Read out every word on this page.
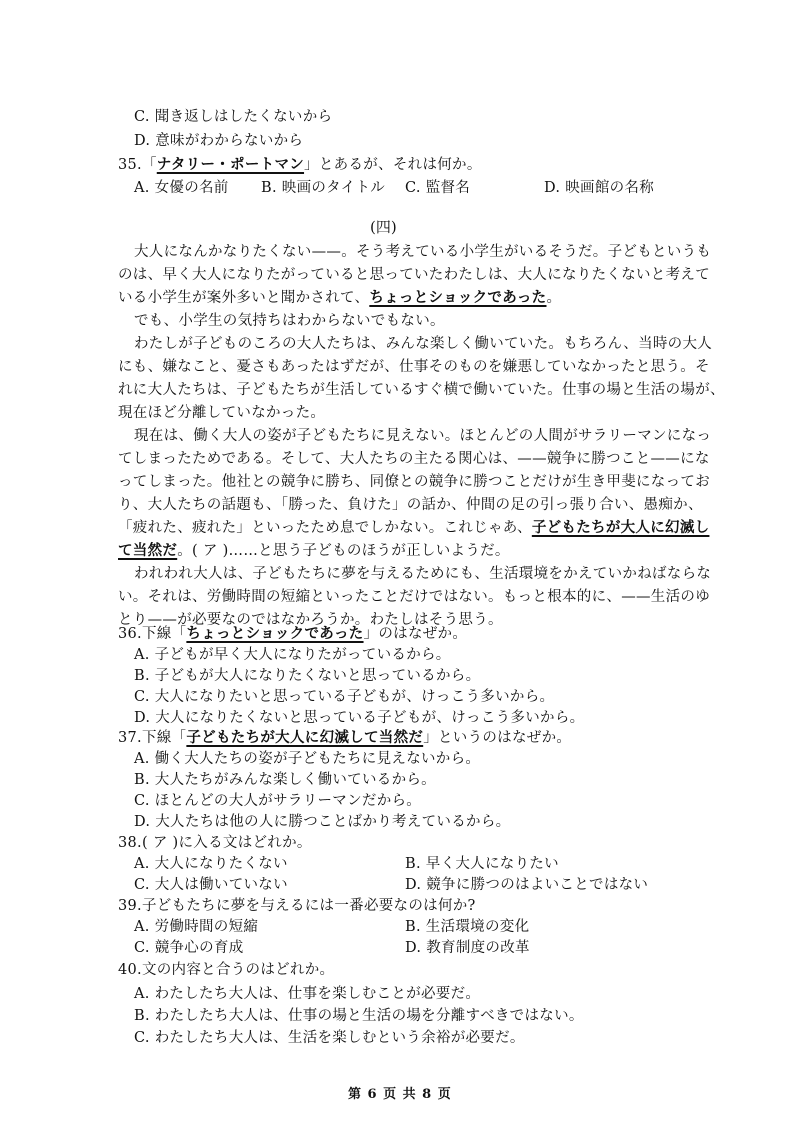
C. 聞き返しはしたくないから
D. 意味がわからないから
35.「ナタリー・ポートマン」とあるが、それは何か。
A. 女優の名前 B. 映画のタイトル C. 監督名	D. 映画館の名称
(四)
大人になんかなりたくない——。そう考えている小学生がいるそうだ。子どもというも
のは、早く大人になりたがっていると思っていたわたしは、大人になりたくないと考えて
いる小学生が案外多いと聞かされて、ちょっとショックであった。
でも、小学生の気持ちはわからないでもない。
わたしが子どものころの大人たちは、みんな楽しく働いていた。もちろん、当時の大人
にも、嫌なこと、憂さもあったはずだが、仕事そのものを嫌悪していなかったと思う。そ
れに大人たちは、子どもたちが生活しているすぐ横で働いていた。仕事の場と生活の場が、
現在ほど分離していなかった。
現在は、働く大人の姿が子どもたちに見えない。ほとんどの人間がサラリーマンになっ
てしまったためである。そして、大人たちの主たる関心は、——競争に勝つこと——にな
ってしまった。他社との競争に勝ち、同僚との競争に勝つことだけが生き甲斐になってお
り、大人たちの話題も、「勝った、負けた」の話か、仲間の足の引っ張り合い、愚痴か、
「疲れた、疲れた」といったため息でしかない。これじゃあ、子どもたちが大人に幻滅し
て当然だ。( ア )……と思う子どものほうが正しいようだ。
われわれ大人は、子どもたちに夢を与えるためにも、生活環境をかえていかねばならな
い。それは、労働時間の短縮といったことだけではない。もっと根本的に、——生活のゆ
とり——が必要なのではなかろうか。わたしはそう思う。
36.下線「ちょっとショックであった」のはなぜか。
A. 子どもが早く大人になりたがっているから。
B. 子どもが大人になりたくないと思っているから。
C. 大人になりたいと思っている子どもが、けっこう多いから。
D. 大人になりたくないと思っている子どもが、けっこう多いから。
37.下線「子どもたちが大人に幻滅して当然だ」というのはなぜか。
A. 働く大人たちの姿が子どもたちに見えないから。
B. 大人たちがみんな楽しく働いているから。
C. ほとんどの大人がサラリーマンだから。
D. 大人たちは他の人に勝つことばかり考えているから。
38.( ア )に入る文はどれか。
A. 大人になりたくない	B. 早く大人になりたい
C. 大人は働いていない	D. 競争に勝つのはよいことではない
39.子どもたちに夢を与えるには一番必要なのは何か?
A. 労働時間の短縮	B. 生活環境の変化
C. 競争心の育成	D. 教育制度の改革
40.文の内容と合うのはどれか。
A. わたしたち大人は、仕事を楽しむことが必要だ。
第 6 页 共 8 页
B. わたしたち大人は、仕事の場と生活の場を分離すべきではない。
C. わたしたち大人は、生活を楽しむという余裕が必要だ。
